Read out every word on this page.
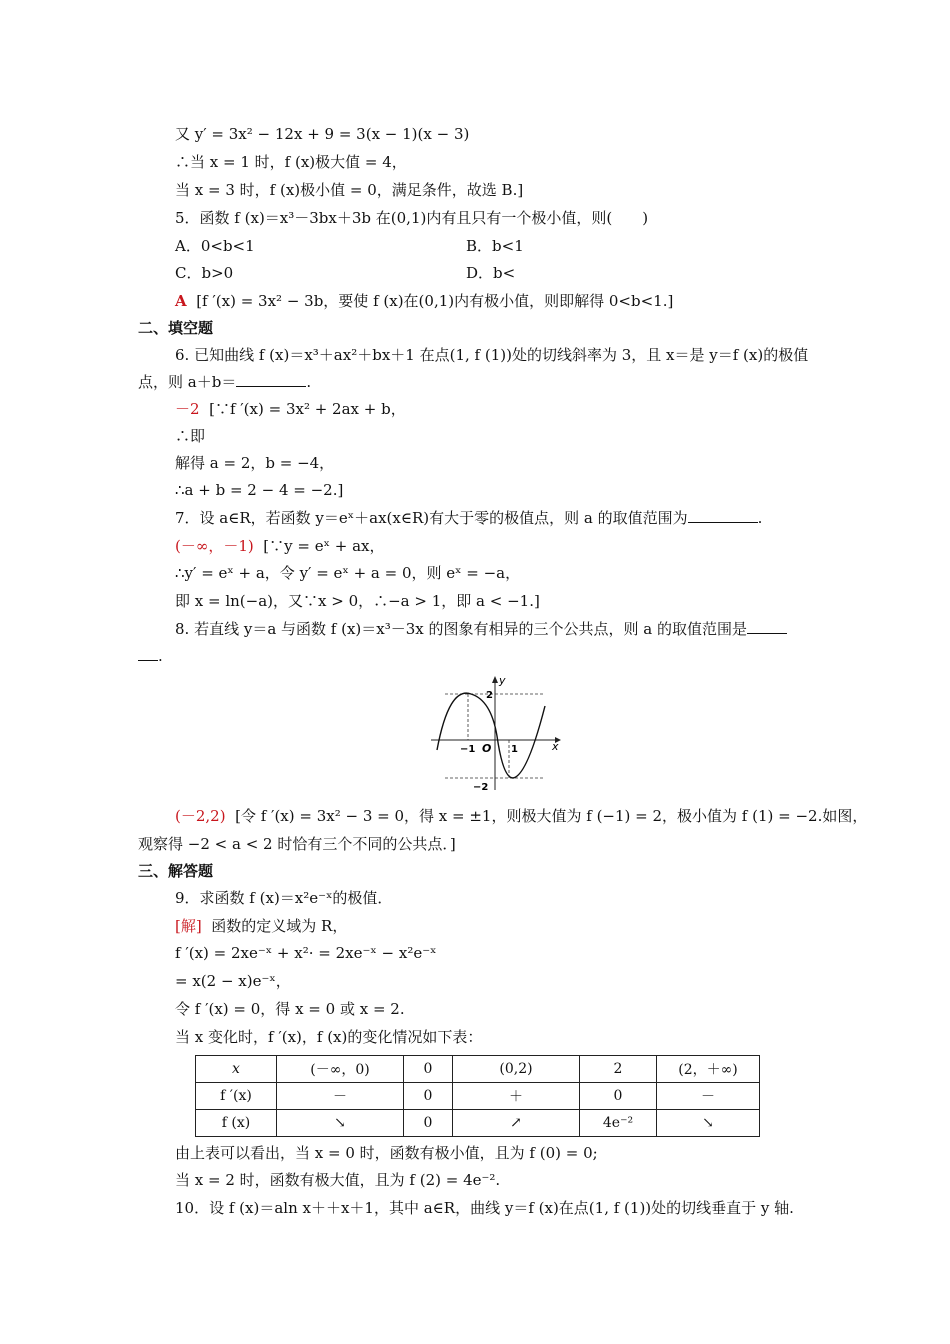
又 y′ = 3x² − 12x + 9 = 3(x − 1)(x − 3)
∴当 x = 1 时，f (x)极大值 = 4，
当 x = 3 时，f (x)极小值 = 0，满足条件，故选 B.]
5．函数 f (x)＝x³－3bx＋3b 在(0,1)内有且只有一个极小值，则(　　)
A．0<b<1	B．b<1
C．b>0	D．b<
A [f ′(x) = 3x² − 3b，要使 f (x)在(0,1)内有极小值，则即解得 0<b<1.]
二、填空题
6. 已知曲线 f (x)＝x³＋ax²＋bx＋1 在点(1, f (1))处的切线斜率为 3，且 x＝是 y＝f (x)的极值
点，则 a＋b＝	.
－2 [∵f ′(x) = 3x² + 2ax + b，
∴即
解得 a = 2，b = −4，
∴a + b = 2 − 4 = −2.]
7．设 a∈R，若函数 y＝eˣ＋ax(x∈R)有大于零的极值点，则 a 的取值范围为	.
(－∞，－1) [∵y = eˣ + ax，
∴y′ = eˣ + a，令 y′ = eˣ + a = 0，则 eˣ = −a，
即 x = ln(−a)，又∵x > 0，∴−a > 1，即 a < −1.]
8. 若直线 y＝a 与函数 f (x)＝x³－3x 的图象有相异的三个公共点，则 a 的取值范围是
.
y
x
O
2
−2
−1	1
(－2,2) [令 f ′(x) = 3x² − 3 = 0，得 x = ±1，则极大值为 f (−1) = 2，极小值为 f (1) = −2.如图，
观察得 −2 < a < 2 时恰有三个不同的公共点．]
三、解答题
9．求函数 f (x)＝x²e⁻ˣ的极值．
[解] 函数的定义域为 R，
f ′(x) = 2xe⁻ˣ + x²· = 2xe⁻ˣ − x²e⁻ˣ
= x(2 − x)e⁻ˣ，
令 f ′(x) = 0，得 x = 0 或 x = 2.
当 x 变化时，f ′(x)，f (x)的变化情况如下表：
x	(－∞，0)	0	(0,2)	2	(2，＋∞)
f ′(x)	－	0	＋	0	－
f (x)	↘	0	↗	4e⁻²	↘
由上表可以看出，当 x = 0 时，函数有极小值，且为 f (0) = 0;
当 x = 2 时，函数有极大值，且为 f (2) = 4e⁻².
10．设 f (x)＝aln x＋＋x＋1，其中 a∈R，曲线 y＝f (x)在点(1, f (1))处的切线垂直于 y 轴.
